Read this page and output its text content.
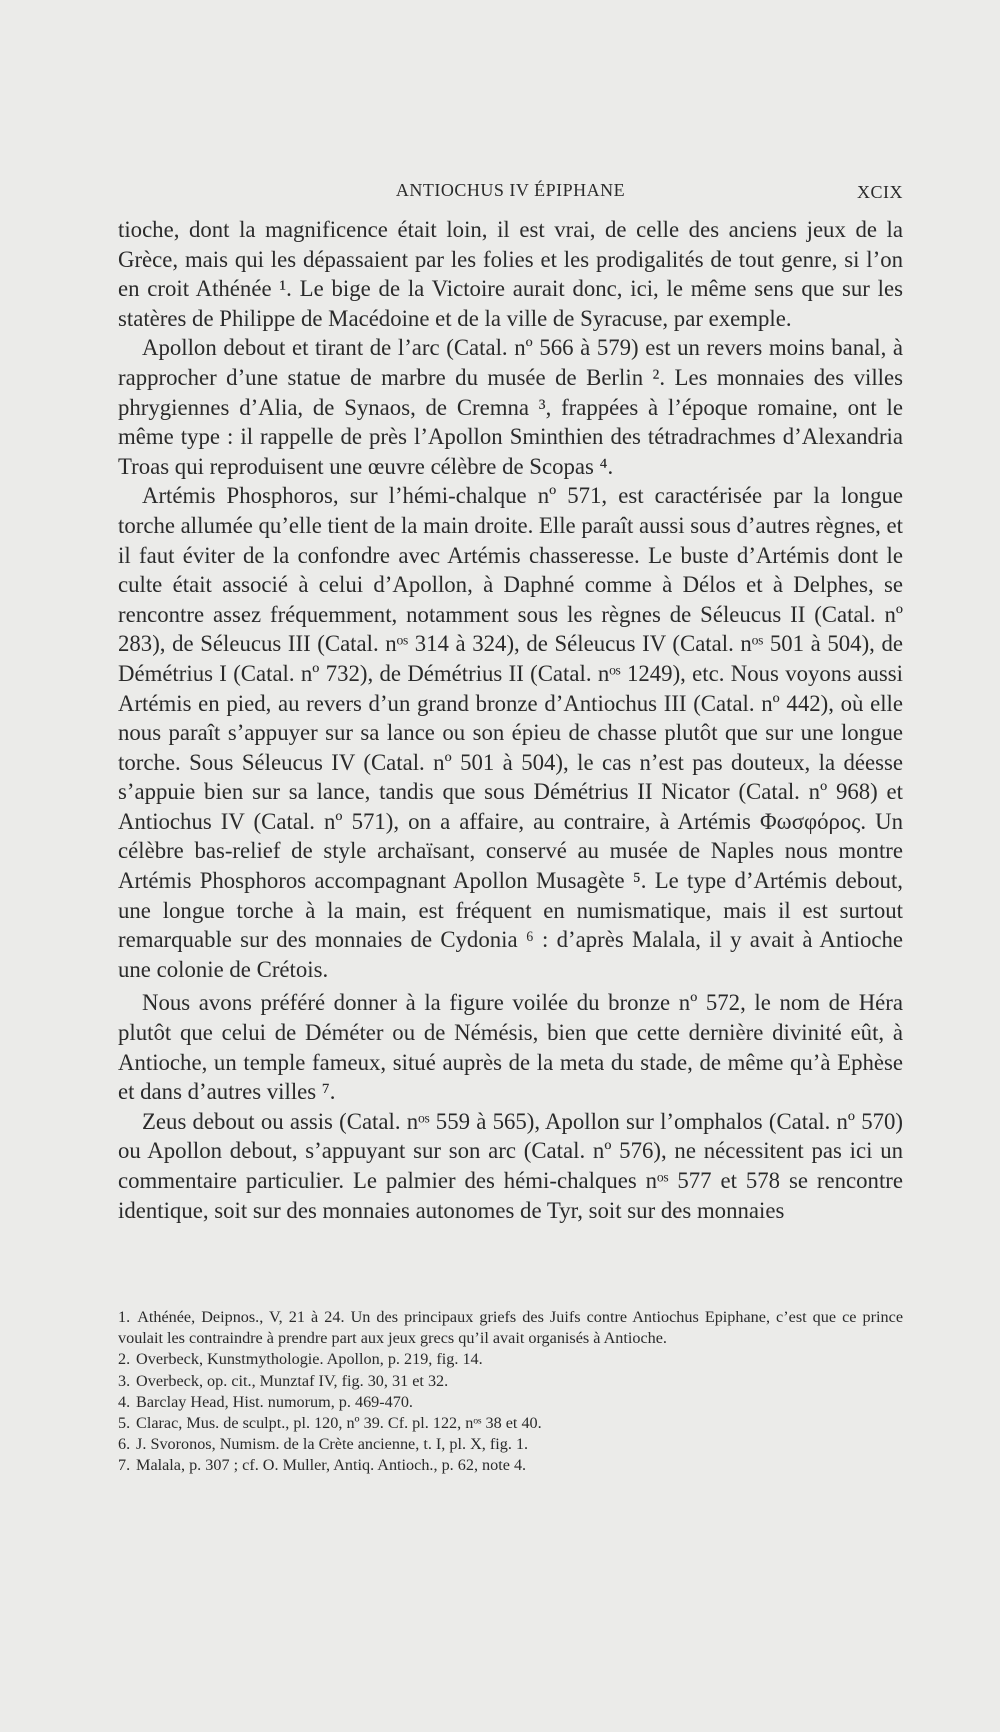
ANTIOCHUS IV ÉPIPHANE	XCIX

tioche, dont la magnificence était loin, il est vrai, de celle des anciens jeux de la Grèce, mais qui les dépassaient par les folies et les prodigalités de tout genre, si l’on en croit Athénée ¹. Le bige de la Victoire aurait donc, ici, le même sens que sur les statères de Philippe de Macédoine et de la ville de Syracuse, par exemple.

Apollon debout et tirant de l’arc (Catal. nº 566 à 579) est un revers moins banal, à rapprocher d’une statue de marbre du musée de Berlin ². Les monnaies des villes phrygiennes d’Alia, de Synaos, de Cremna ³, frappées à l’époque romaine, ont le même type : il rappelle de près l’Apollon Sminthien des tétradrachmes d’Alexandria Troas qui reproduisent une œuvre célèbre de Scopas ⁴.

Artémis Phosphoros, sur l’hémi-chalque nº 571, est caractérisée par la longue torche allumée qu’elle tient de la main droite. Elle paraît aussi sous d’autres règnes, et il faut éviter de la confondre avec Artémis chasseresse. Le buste d’Artémis dont le culte était associé à celui d’Apollon, à Daphné comme à Délos et à Delphes, se rencontre assez fréquemment, notamment sous les règnes de Séleucus II (Catal. nº 283), de Séleucus III (Catal. nᵒˢ 314 à 324), de Séleucus IV (Catal. nᵒˢ 501 à 504), de Démétrius I (Catal. nº 732), de Démétrius II (Catal. nᵒˢ 1249), etc. Nous voyons aussi Artémis en pied, au revers d’un grand bronze d’Antiochus III (Catal. nº 442), où elle nous paraît s’appuyer sur sa lance ou son épieu de chasse plutôt que sur une longue torche. Sous Séleucus IV (Catal. nº 501 à 504), le cas n’est pas douteux, la déesse s’appuie bien sur sa lance, tandis que sous Démétrius II Nicator (Catal. nº 968) et Antiochus IV (Catal. nº 571), on a affaire, au contraire, à Artémis Φωσφόρος. Un célèbre bas-relief de style archaïsant, conservé au musée de Naples nous montre Artémis Phosphoros accompagnant Apollon Musagète ⁵. Le type d’Artémis debout, une longue torche à la main, est fréquent en numismatique, mais il est surtout remarquable sur des monnaies de Cydonia ⁶ : d’après Malala, il y avait à Antioche une colonie de Crétois.

Nous avons préféré donner à la figure voilée du bronze nº 572, le nom de Héra plutôt que celui de Déméter ou de Némésis, bien que cette dernière divinité eût, à Antioche, un temple fameux, situé auprès de la meta du stade, de même qu’à Ephèse et dans d’autres villes ⁷.

Zeus debout ou assis (Catal. nᵒˢ 559 à 565), Apollon sur l’omphalos (Catal. nº 570) ou Apollon debout, s’appuyant sur son arc (Catal. nº 576), ne nécessitent pas ici un commentaire particulier. Le palmier des hémi-chalques nᵒˢ 577 et 578 se rencontre identique, soit sur des monnaies autonomes de Tyr, soit sur des monnaies

1. Athénée, Deipnos., V, 21 à 24. Un des principaux griefs des Juifs contre Antiochus Epiphane, c’est que ce prince voulait les contraindre à prendre part aux jeux grecs qu’il avait organisés à Antioche.

2. Overbeck, Kunstmythologie. Apollon, p. 219, fig. 14.

3. Overbeck, op. cit., Munztaf IV, fig. 30, 31 et 32.

4. Barclay Head, Hist. numorum, p. 469-470.

5. Clarac, Mus. de sculpt., pl. 120, nº 39. Cf. pl. 122, nᵒˢ 38 et 40.

6. J. Svoronos, Numism. de la Crète ancienne, t. I, pl. X, fig. 1.

7. Malala, p. 307 ; cf. O. Muller, Antiq. Antioch., p. 62, note 4.
